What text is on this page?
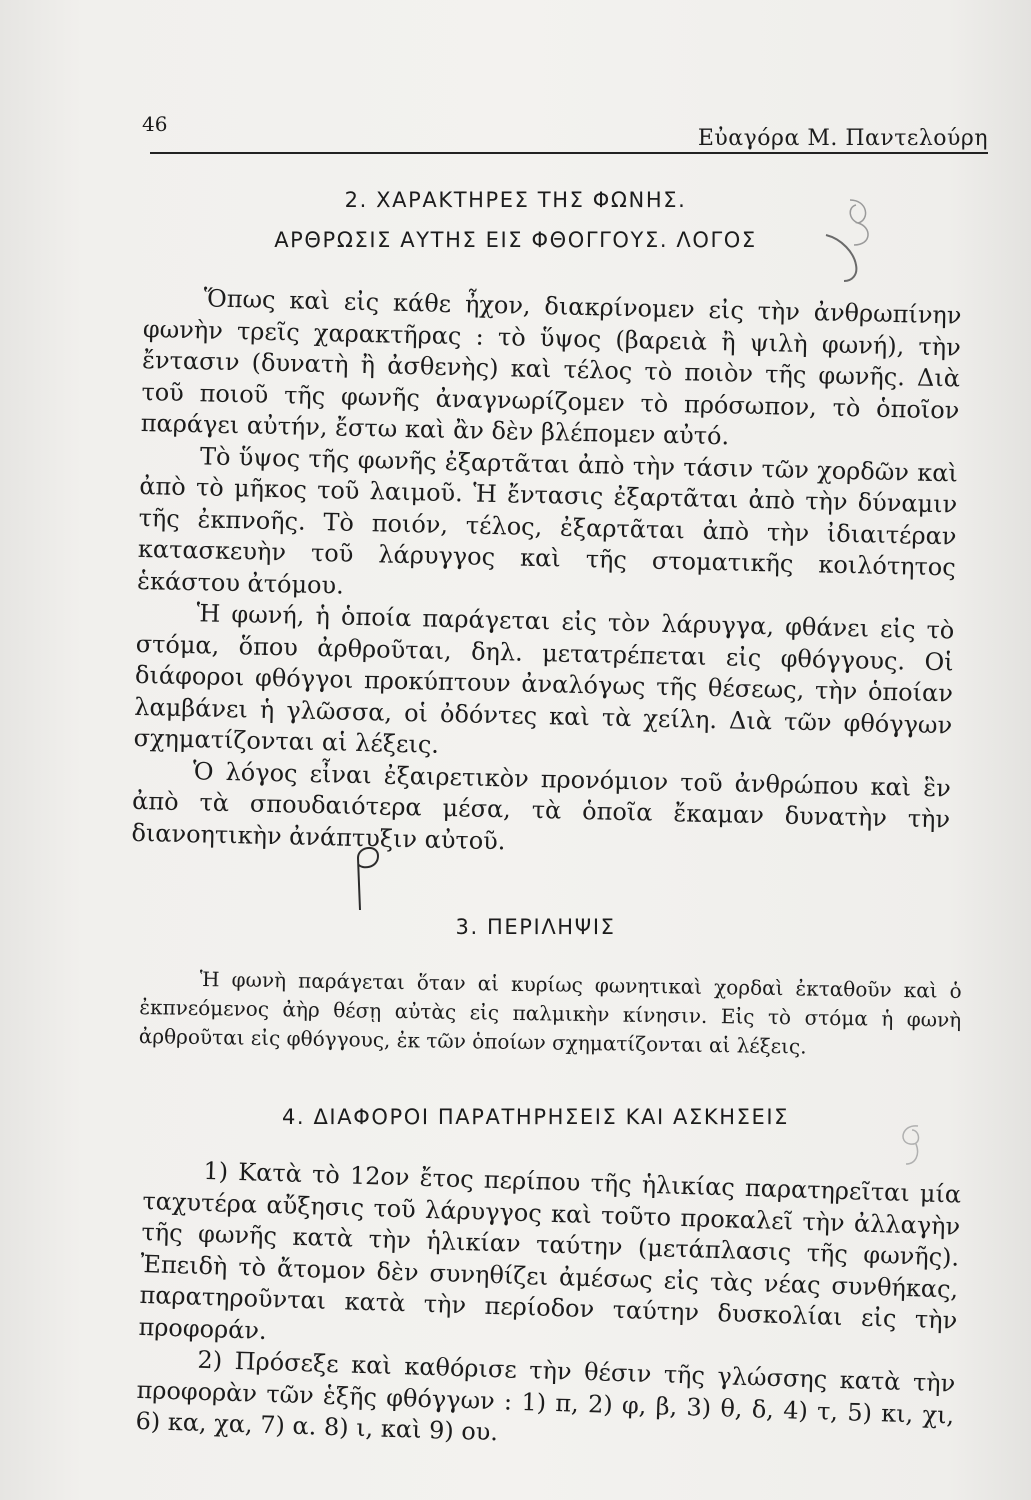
46
Εὐαγόρα Μ. Παντελούρη
2. ΧΑΡΑΚΤΗΡΕΣ ΤΗΣ ΦΩΝΗΣ.
ΑΡΘΡΩΣΙΣ ΑΥΤΗΣ ΕΙΣ ΦΘΟΓΓΟΥΣ. ΛΟΓΟΣ

Ὅπως καὶ εἰς κάθε ἦχον, διακρίνομεν εἰς τὴν ἀνθρωπίνην φωνὴν τρεῖς χαρακτῆρας : τὸ ὕψος (βαρειὰ ἢ ψιλὴ φωνή), τὴν ἔντασιν (δυνατὴ ἢ ἀσθενὴς) καὶ τέλος τὸ ποιὸν τῆς φωνῆς. Διὰ τοῦ ποιοῦ τῆς φωνῆς ἀναγνωρίζομεν τὸ πρόσωπον, τὸ ὁποῖον παράγει αὐτήν, ἔστω καὶ ἂν δὲν βλέπομεν αὐτό.

Τὸ ὕψος τῆς φωνῆς ἐξαρτᾶται ἀπὸ τὴν τάσιν τῶν χορδῶν καὶ ἀπὸ τὸ μῆκος τοῦ λαιμοῦ. Ἡ ἔντασις ἐξαρτᾶται ἀπὸ τὴν δύναμιν τῆς ἐκπνοῆς. Τὸ ποιόν, τέλος, ἐξαρτᾶται ἀπὸ τὴν ἰδιαιτέραν κατασκευὴν τοῦ λάρυγγος καὶ τῆς στοματικῆς κοιλότητος ἑκάστου ἀτόμου.

Ἡ φωνή, ἡ ὁποία παράγεται εἰς τὸν λάρυγγα, φθάνει εἰς τὸ στόμα, ὅπου ἀρθροῦται, δηλ. μετατρέπεται εἰς φθόγγους. Οἱ διάφοροι φθόγγοι προκύπτουν ἀναλόγως τῆς θέσεως, τὴν ὁποίαν λαμβάνει ἡ γλῶσσα, οἱ ὀδόντες καὶ τὰ χείλη. Διὰ τῶν φθόγγων σχηματίζονται αἱ λέξεις.

Ὁ λόγος εἶναι ἐξαιρετικὸν προνόμιον τοῦ ἀνθρώπου καὶ ἓν ἀπὸ τὰ σπουδαιότερα μέσα, τὰ ὁποῖα ἔκαμαν δυνατὴν τὴν διανοητικὴν ἀνάπτυξιν αὐτοῦ.

3. ΠΕΡΙΛΗΨΙΣ

Ἡ φωνὴ παράγεται ὅταν αἱ κυρίως φωνητικαὶ χορδαὶ ἐκταθοῦν καὶ ὁ ἐκπνεόμενος ἀὴρ θέσῃ αὐτὰς εἰς παλμικὴν κίνησιν. Εἰς τὸ στόμα ἡ φωνὴ ἀρθροῦται εἰς φθόγγους, ἐκ τῶν ὁποίων σχηματίζονται αἱ λέξεις.

4. ΔΙΑΦΟΡΟΙ ΠΑΡΑΤΗΡΗΣΕΙΣ ΚΑΙ ΑΣΚΗΣΕΙΣ

1) Κατὰ τὸ 12ον ἔτος περίπου τῆς ἡλικίας παρατηρεῖται μία ταχυτέρα αὔξησις τοῦ λάρυγγος καὶ τοῦτο προκαλεῖ τὴν ἀλλαγὴν τῆς φωνῆς κατὰ τὴν ἡλικίαν ταύτην (μετάπλασις τῆς φωνῆς). Ἐπειδὴ τὸ ἄτομον δὲν συνηθίζει ἀμέσως εἰς τὰς νέας συνθήκας, παρατηροῦνται κατὰ τὴν περίοδον ταύτην δυσκολίαι εἰς τὴν προφοράν.

2) Πρόσεξε καὶ καθόρισε τὴν θέσιν τῆς γλώσσης κατὰ τὴν προφορὰν τῶν ἑξῆς φθόγγων : 1) π, 2) φ, β, 3) θ, δ, 4) τ, 5) κι, χι, 6) κα, χα, 7) α. 8) ι, καὶ 9) ου.
